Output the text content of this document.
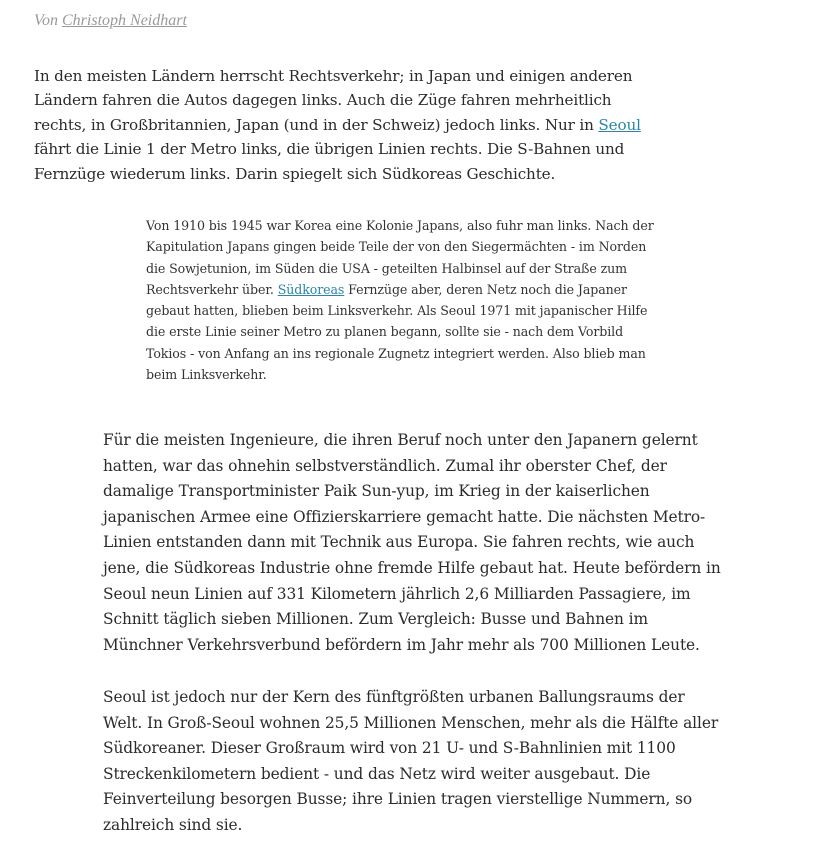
Von Christoph Neidhart
In den meisten Ländern herrscht Rechtsverkehr; in Japan und einigen anderen
Ländern fahren die Autos dagegen links. Auch die Züge fahren mehrheitlich
rechts, in Großbritannien, Japan (und in der Schweiz) jedoch links. Nur in Seoul
fährt die Linie 1 der Metro links, die übrigen Linien rechts. Die S-Bahnen und
Fernzüge wiederum links. Darin spiegelt sich Südkoreas Geschichte.
Von 1910 bis 1945 war Korea eine Kolonie Japans, also fuhr man links. Nach der
Kapitulation Japans gingen beide Teile der von den Siegermächten - im Norden
die Sowjetunion, im Süden die USA - geteilten Halbinsel auf der Straße zum
Rechtsverkehr über. Südkoreas Fernzüge aber, deren Netz noch die Japaner
gebaut hatten, blieben beim Linksverkehr. Als Seoul 1971 mit japanischer Hilfe
die erste Linie seiner Metro zu planen begann, sollte sie - nach dem Vorbild
Tokios - von Anfang an ins regionale Zugnetz integriert werden. Also blieb man
beim Linksverkehr.
Für die meisten Ingenieure, die ihren Beruf noch unter den Japanern gelernt
hatten, war das ohnehin selbstverständlich. Zumal ihr oberster Chef, der
damalige Transportminister Paik Sun-yup, im Krieg in der kaiserlichen
japanischen Armee eine Offizierskarriere gemacht hatte. Die nächsten Metro-
Linien entstanden dann mit Technik aus Europa. Sie fahren rechts, wie auch
jene, die Südkoreas Industrie ohne fremde Hilfe gebaut hat. Heute befördern in
Seoul neun Linien auf 331 Kilometern jährlich 2,6 Milliarden Passagiere, im
Schnitt täglich sieben Millionen. Zum Vergleich: Busse und Bahnen im
Münchner Verkehrsverbund befördern im Jahr mehr als 700 Millionen Leute.
Seoul ist jedoch nur der Kern des fünftgrößten urbanen Ballungsraums der
Welt. In Groß-Seoul wohnen 25,5 Millionen Menschen, mehr als die Hälfte aller
Südkoreaner. Dieser Großraum wird von 21 U- und S-Bahnlinien mit 1100
Streckenkilometern bedient - und das Netz wird weiter ausgebaut. Die
Feinverteilung besorgen Busse; ihre Linien tragen vierstellige Nummern, so
zahlreich sind sie.
